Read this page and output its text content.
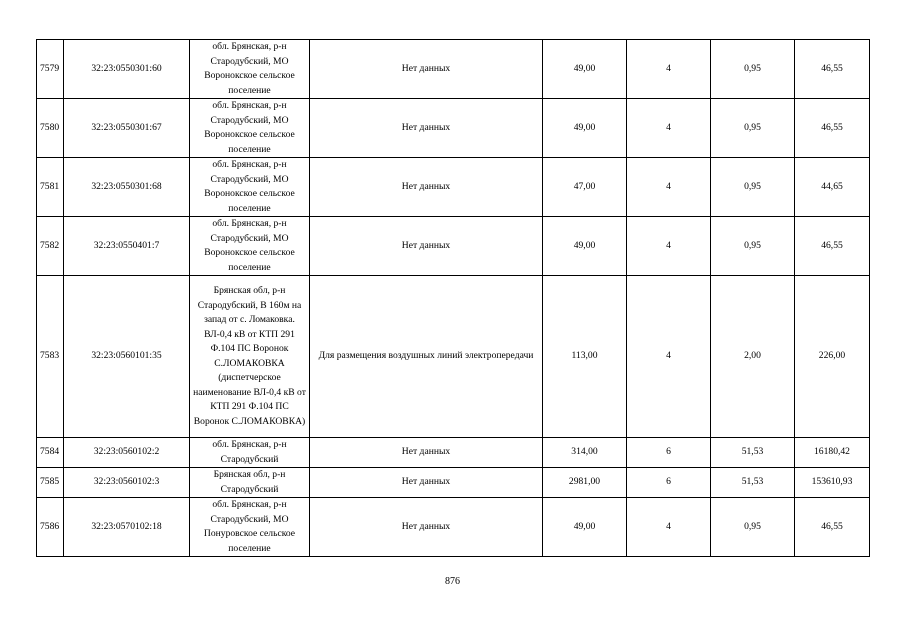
7579	32:23:0550301:60	обл. Брянская, р-н Стародубский, МО Воронокское сельское поселение	Нет данных	49,00	4	0,95	46,55
7580	32:23:0550301:67	обл. Брянская, р-н Стародубский, МО Воронокское сельское поселение	Нет данных	49,00	4	0,95	46,55
7581	32:23:0550301:68	обл. Брянская, р-н Стародубский, МО Воронокское сельское поселение	Нет данных	47,00	4	0,95	44,65
7582	32:23:0550401:7	обл. Брянская, р-н Стародубский, МО Воронокское сельское поселение	Нет данных	49,00	4	0,95	46,55
7583	32:23:0560101:35	Брянская обл, р-н Стародубский, В 160м на запад от с. Ломаковка. ВЛ-0,4 кВ от КТП 291 Ф.104 ПС Воронок С.ЛОМАКОВКА (диспетчерское наименование ВЛ-0,4 кВ от КТП 291 Ф.104 ПС Воронок С.ЛОМАКОВКА)	Для размещения воздушных линий электропередачи	113,00	4	2,00	226,00
7584	32:23:0560102:2	обл. Брянская, р-н Стародубский	Нет данных	314,00	6	51,53	16180,42
7585	32:23:0560102:3	Брянская обл, р-н Стародубский	Нет данных	2981,00	6	51,53	153610,93
7586	32:23:0570102:18	обл. Брянская, р-н Стародубский, МО Понуровское сельское поселение	Нет данных	49,00	4	0,95	46,55
876
